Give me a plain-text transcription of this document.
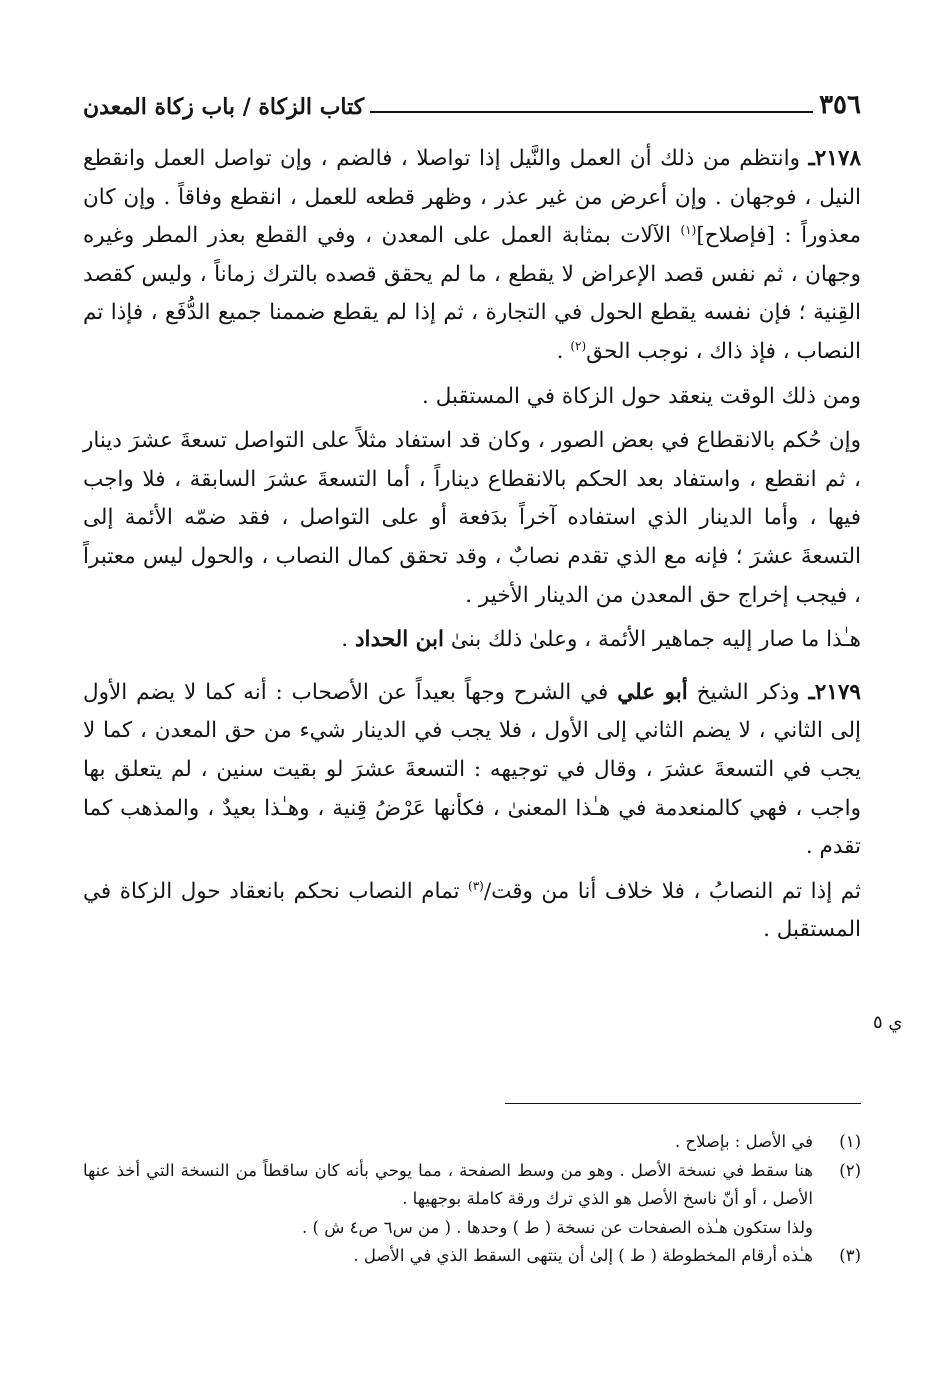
٣٥٦
كتاب الزكاة / باب زكاة المعدن

٢١٧٨ـ وانتظم من ذلك أن العمل والنَّيل إذا تواصلا ، فالضم ، وإن تواصل العمل وانقطع النيل ، فوجهان . وإن أعرض من غير عذر ، وظهر قطعه للعمل ، انقطع وفاقاً . وإن كان معذوراً : [فإصلاح]$^{(١)}$ الآلات بمثابة العمل على المعدن ، وفي القطع بعذر المطر وغيره وجهان ، ثم نفس قصد الإعراض لا يقطع ، ما لم يحقق قصده بالترك زماناً ، وليس كقصد القِنية ؛ فإن نفسه يقطع الحول في التجارة ، ثم إذا لم يقطع ضممنا جميع الدُّفَع ، فإذا تم النصاب ، فإذ ذاك ، نوجب الحق$^{(٢)}$ .

ومن ذلك الوقت ينعقد حول الزكاة في المستقبل .

وإن حُكم بالانقطاع في بعض الصور ، وكان قد استفاد مثلاً على التواصل تسعةَ عشرَ دينار ، ثم انقطع ، واستفاد بعد الحكم بالانقطاع ديناراً ، أما التسعةَ عشرَ السابقة ، فلا واجب فيها ، وأما الدينار الذي استفاده آخراً بدَفعة أو على التواصل ، فقد ضمّه الأئمة إلى التسعةَ عشرَ ؛ فإنه مع الذي تقدم نصابٌ ، وقد تحقق كمال النصاب ، والحول ليس معتبراً ، فيجب إخراج حق المعدن من الدينار الأخير .

هـٰذا ما صار إليه جماهير الأئمة ، وعلىٰ ذلك بنىٰ ابن الحداد .

٢١٧٩ـ وذكر الشيخ أبو علي في الشرح وجهاً بعيداً عن الأصحاب : أنه كما لا يضم الأول إلى الثاني ، لا يضم الثاني إلى الأول ، فلا يجب في الدينار شيء من حق المعدن ، كما لا يجب في التسعةَ عشرَ ، وقال في توجيهه : التسعةَ عشرَ لو بقيت سنين ، لم يتعلق بها واجب ، فهي كالمنعدمة في هـٰذا المعنىٰ ، فكأنها عَرْضُ قِنية ، وهـٰذا بعيدٌ ، والمذهب كما تقدم .

ثم إذا تم النصابُ ، فلا خلاف أنا من وقت/$^{(٣)}$ تمام النصاب نحكم بانعقاد حول الزكاة في المستقبل .

ي ٥
(١)
في الأصل : بإصلاح .
(٢)
هنا سقط في نسخة الأصل . وهو من وسط الصفحة ، مما يوحي بأنه كان ساقطاً من النسخة التي أخذ عنها الأصل ، أو أنّ ناسخ الأصل هو الذي ترك ورقة كاملة بوجهيها .
ولذا ستكون هـٰذه الصفحات عن نسخة ( ط ) وحدها . ( من س٦ ص٤ ش ) .
(٣)
هـٰذه أرقام المخطوطة ( ط ) إلىٰ أن ينتهى السقط الذي في الأصل .
